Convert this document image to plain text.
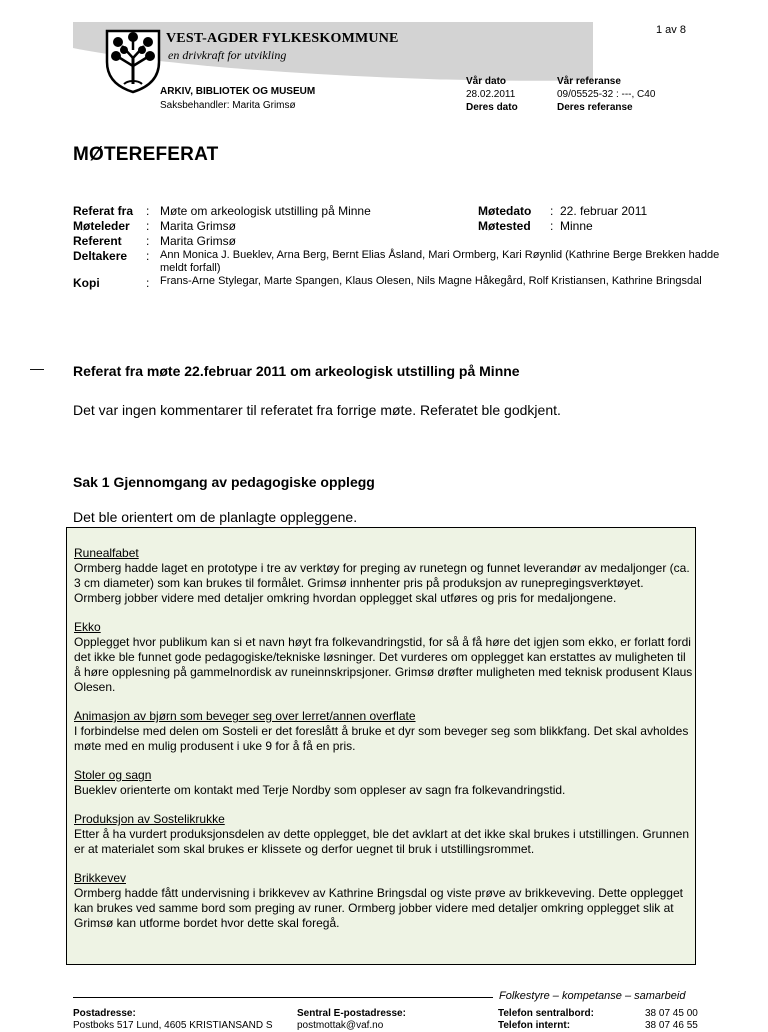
1 av 8
VEST-AGDER FYLKESKOMMUNE
en drivkraft for utvikling
ARKIV, BIBLIOTEK OG MUSEUM
Saksbehandler: Marita Grimsø
Vår dato
28.02.2011
Deres dato
Vår referanse
09/05525-32 : ---, C40
Deres referanse
MØTEREFERAT
Referat fra : Møte om arkeologisk utstilling på Minne
Møteleder : Marita Grimsø
Referent : Marita Grimsø
Deltakere : Ann Monica J. Bueklev, Arna Berg, Bernt Elias Åsland, Mari Ormberg, Kari Røynlid (Kathrine Berge Brekken hadde meldt forfall)
Kopi	: Frans-Arne Stylegar, Marte Spangen, Klaus Olesen, Nils Magne Håkegård, Rolf Kristiansen, Kathrine Bringsdal
Møtedato : 22. februar 2011
Møtested : Minne
— Referat fra møte 22.februar 2011 om arkeologisk utstilling på Minne
Det var ingen kommentarer til referatet fra forrige møte. Referatet ble godkjent.
Sak 1 Gjennomgang av pedagogiske opplegg
Det ble orientert om de planlagte oppleggene.

Runealfabet

Ormberg hadde laget en prototype i tre av verktøy for preging av runetegn og funnet leverandør av medaljonger (ca. 3 cm diameter) som kan brukes til formålet. Grimsø innhenter pris på produksjon av runepregingsverktøyet. Ormberg jobber videre med detaljer omkring hvordan opplegget skal utføres og pris for medaljongene.

Ekko

Opplegget hvor publikum kan si et navn høyt fra folkevandringstid, for så å få høre det igjen som ekko, er forlatt fordi det ikke ble funnet gode pedagogiske/tekniske løsninger. Det vurderes om opplegget kan erstattes av muligheten til å høre opplesning på gammelnordisk av runeinnskripsjoner. Grimsø drøfter muligheten med teknisk produsent Klaus Olesen.

Animasjon av bjørn som beveger seg over lerret/annen overflate

I forbindelse med delen om Sosteli er det foreslått å bruke et dyr som beveger seg som blikkfang. Det skal avholdes møte med en mulig produsent i uke 9 for å få en pris.

Stoler og sagn

Bueklev orienterte om kontakt med Terje Nordby som oppleser av sagn fra folkevandringstid.

Produksjon av Sostelikrukke

Etter å ha vurdert produksjonsdelen av dette opplegget, ble det avklart at det ikke skal brukes i utstillingen. Grunnen er at materialet som skal brukes er klissete og derfor uegnet til bruk i utstillingsrommet.

Brikkevev

Ormberg hadde fått undervisning i brikkevev av Kathrine Bringsdal og viste prøve av brikkeveving. Dette opplegget kan brukes ved samme bord som preging av runer. Ormberg jobber videre med detaljer omkring opplegget slik at Grimsø kan utforme bordet hvor dette skal foregå.

Folkestyre – kompetanse – samarbeid
Postadresse:
Postboks 517 Lund, 4605 KRISTIANSAND S
Sentral E-postadresse:
postmottak@vaf.no
Telefon sentralbord:
Telefon internt:
38 07 45 00
38 07 46 55
